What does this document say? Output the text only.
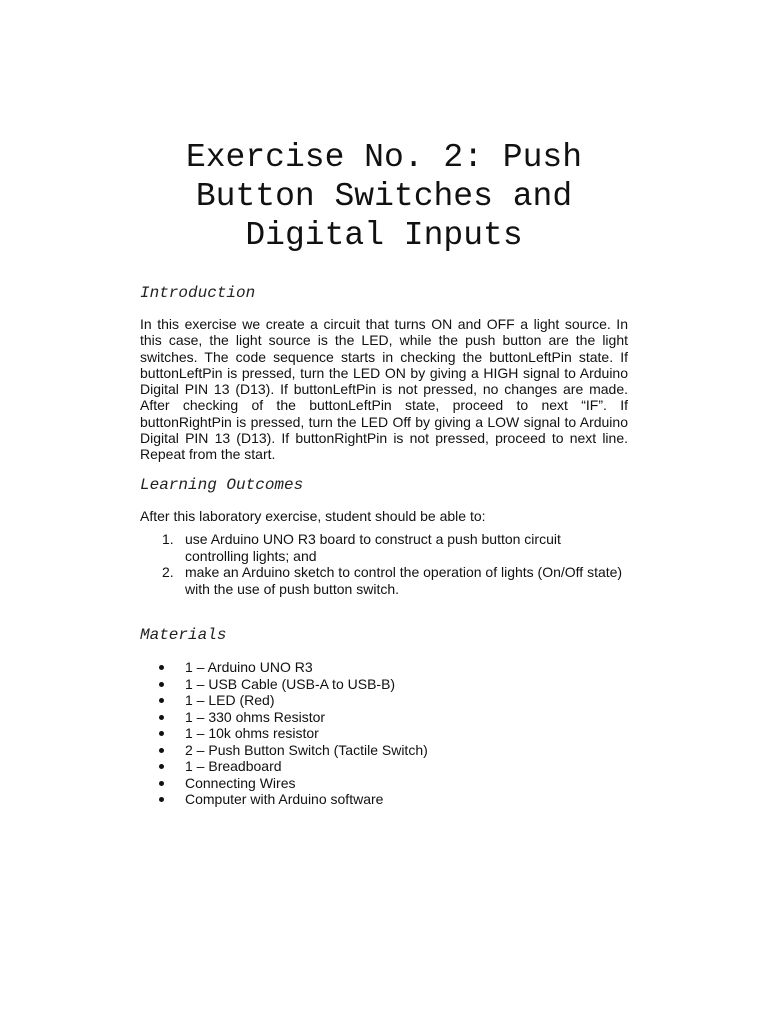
Exercise No. 2: Push
Button Switches and
Digital Inputs
Introduction

In this exercise we create a circuit that turns ON and OFF a light source. In this case, the light source is the LED, while the push button are the light switches. The code sequence starts in checking the buttonLeftPin state. If buttonLeftPin is pressed, turn the LED ON by giving a HIGH signal to Arduino Digital PIN 13 (D13). If buttonLeftPin is not pressed, no changes are made. After checking of the buttonLeftPin state, proceed to next “IF”. If buttonRightPin is pressed, turn the LED Off by giving a LOW signal to Arduino Digital PIN 13 (D13). If buttonRightPin is not pressed, proceed to next line. Repeat from the start.

Learning Outcomes

After this laboratory exercise, student should be able to:

1. use Arduino UNO R3 board to construct a push button circuit controlling lights; and
2. make an Arduino sketch to control the operation of lights (On/Off state) with the use of push button switch.
Materials
1 – Arduino UNO R3
1 – USB Cable (USB-A to USB-B)
1 – LED (Red)
1 – 330 ohms Resistor
1 – 10k ohms resistor
2 – Push Button Switch (Tactile Switch)
1 – Breadboard
Connecting Wires
Computer with Arduino software
